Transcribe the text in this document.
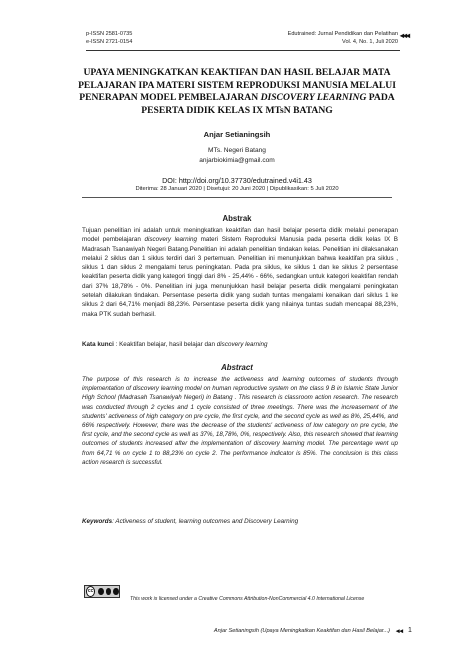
p-ISSN 2581-0735
e-ISSN 2721-0154
Edutrained: Jurnal Pendidikan dan Pelatihan
Vol. 4, No. 1, Juli 2020
◂◂◂
UPAYA MENINGKATKAN KEAKTIFAN DAN HASIL BELAJAR MATA PELAJARAN IPA MATERI SISTEM REPRODUKSI MANUSIA MELALUI PENERAPAN MODEL PEMBELAJARAN DISCOVERY LEARNING PADA PESERTA DIDIK KELAS IX MTsN BATANG
Anjar Setianingsih
MTs. Negeri Batang
anjarbiokimia@gmail.com
DOI: http://doi.org/10.37730/edutrained.v4i1.43
Diterima: 28 Januari 2020 | Disetujui: 20 Juni 2020 | Dipublikasikan: 5 Juli 2020
Abstrak
Tujuan penelitian ini adalah untuk meningkatkan keaktifan dan hasil belajar peserta didik melalui penerapan model pembelajaran discovery learning materi Sistem Reproduksi Manusia pada peserta didik kelas IX B Madrasah Tsanawiyah Negeri Batang.Penelitian ini adalah penelitian tindakan kelas. Penelitian ini dilaksanakan melalui 2 siklus dan 1 siklus terdiri dari 3 pertemuan. Penelitian ini menunjukkan bahwa keaktifan pra siklus , siklus 1 dan siklus 2 mengalami terus peningkatan. Pada pra siklus, ke siklus 1 dan ke siklus 2 persentase keaktifan peserta didik yang kategori tinggi dari 8% - 25,44% - 66%, sedangkan untuk kategori keaktifan rendah dari 37% 18,78% - 0%. Penelitian ini juga menunjukkan hasil belajar peserta didik mengalami peningkatan setelah dilakukan tindakan. Persentase peserta didik yang sudah tuntas mengalami kenaikan dari siklus 1 ke siklus 2 dari 64,71% menjadi 88,23%. Persentase peserta didik yang nilainya tuntas sudah mencapai 88,23%, maka PTK sudah berhasil.
Kata kunci : Keaktifan belajar, hasil belajar dan discovery learning
Abstract
The purpose of this research is to increase the activeness and learning outcomes of students through implementation of discovery learning model on human reproductive system on the class 9 B in Islamic State Junior High School (Madrasah Tsanawiyah Negeri) in Batang . This research is classroom action research. The research was conducted through 2 cycles and 1 cycle consisted of three meetings. There was the increasement of the students' activeness of high category on pre cycle, the first cycle, and the second cycle as well as 8%, 25,44%, and 66% respectively. However, there was the decrease of the students' activeness of low category on pre cycle, the first cycle, and the second cycle as well as 37%, 18,78%, 0%, respectively. Also, this research showed that learning outcomes of students increased after the implementation of discovery learning model. The percentage went up from 64,71 % on cycle 1 to 88,23% on cycle 2. The performance indicator is 85%. The conclusion is this class action research is successful.
Keywords: Activeness of student, learning outcomes and Discovery Learning
cc
This work is licensed under a Creative Commons Attribution-NonCommercial 4.0 International License
Anjar Setianingsih (Upaya Meningkatkan Keaktifan dan Hasil Belajar...) ◂◂ 1
